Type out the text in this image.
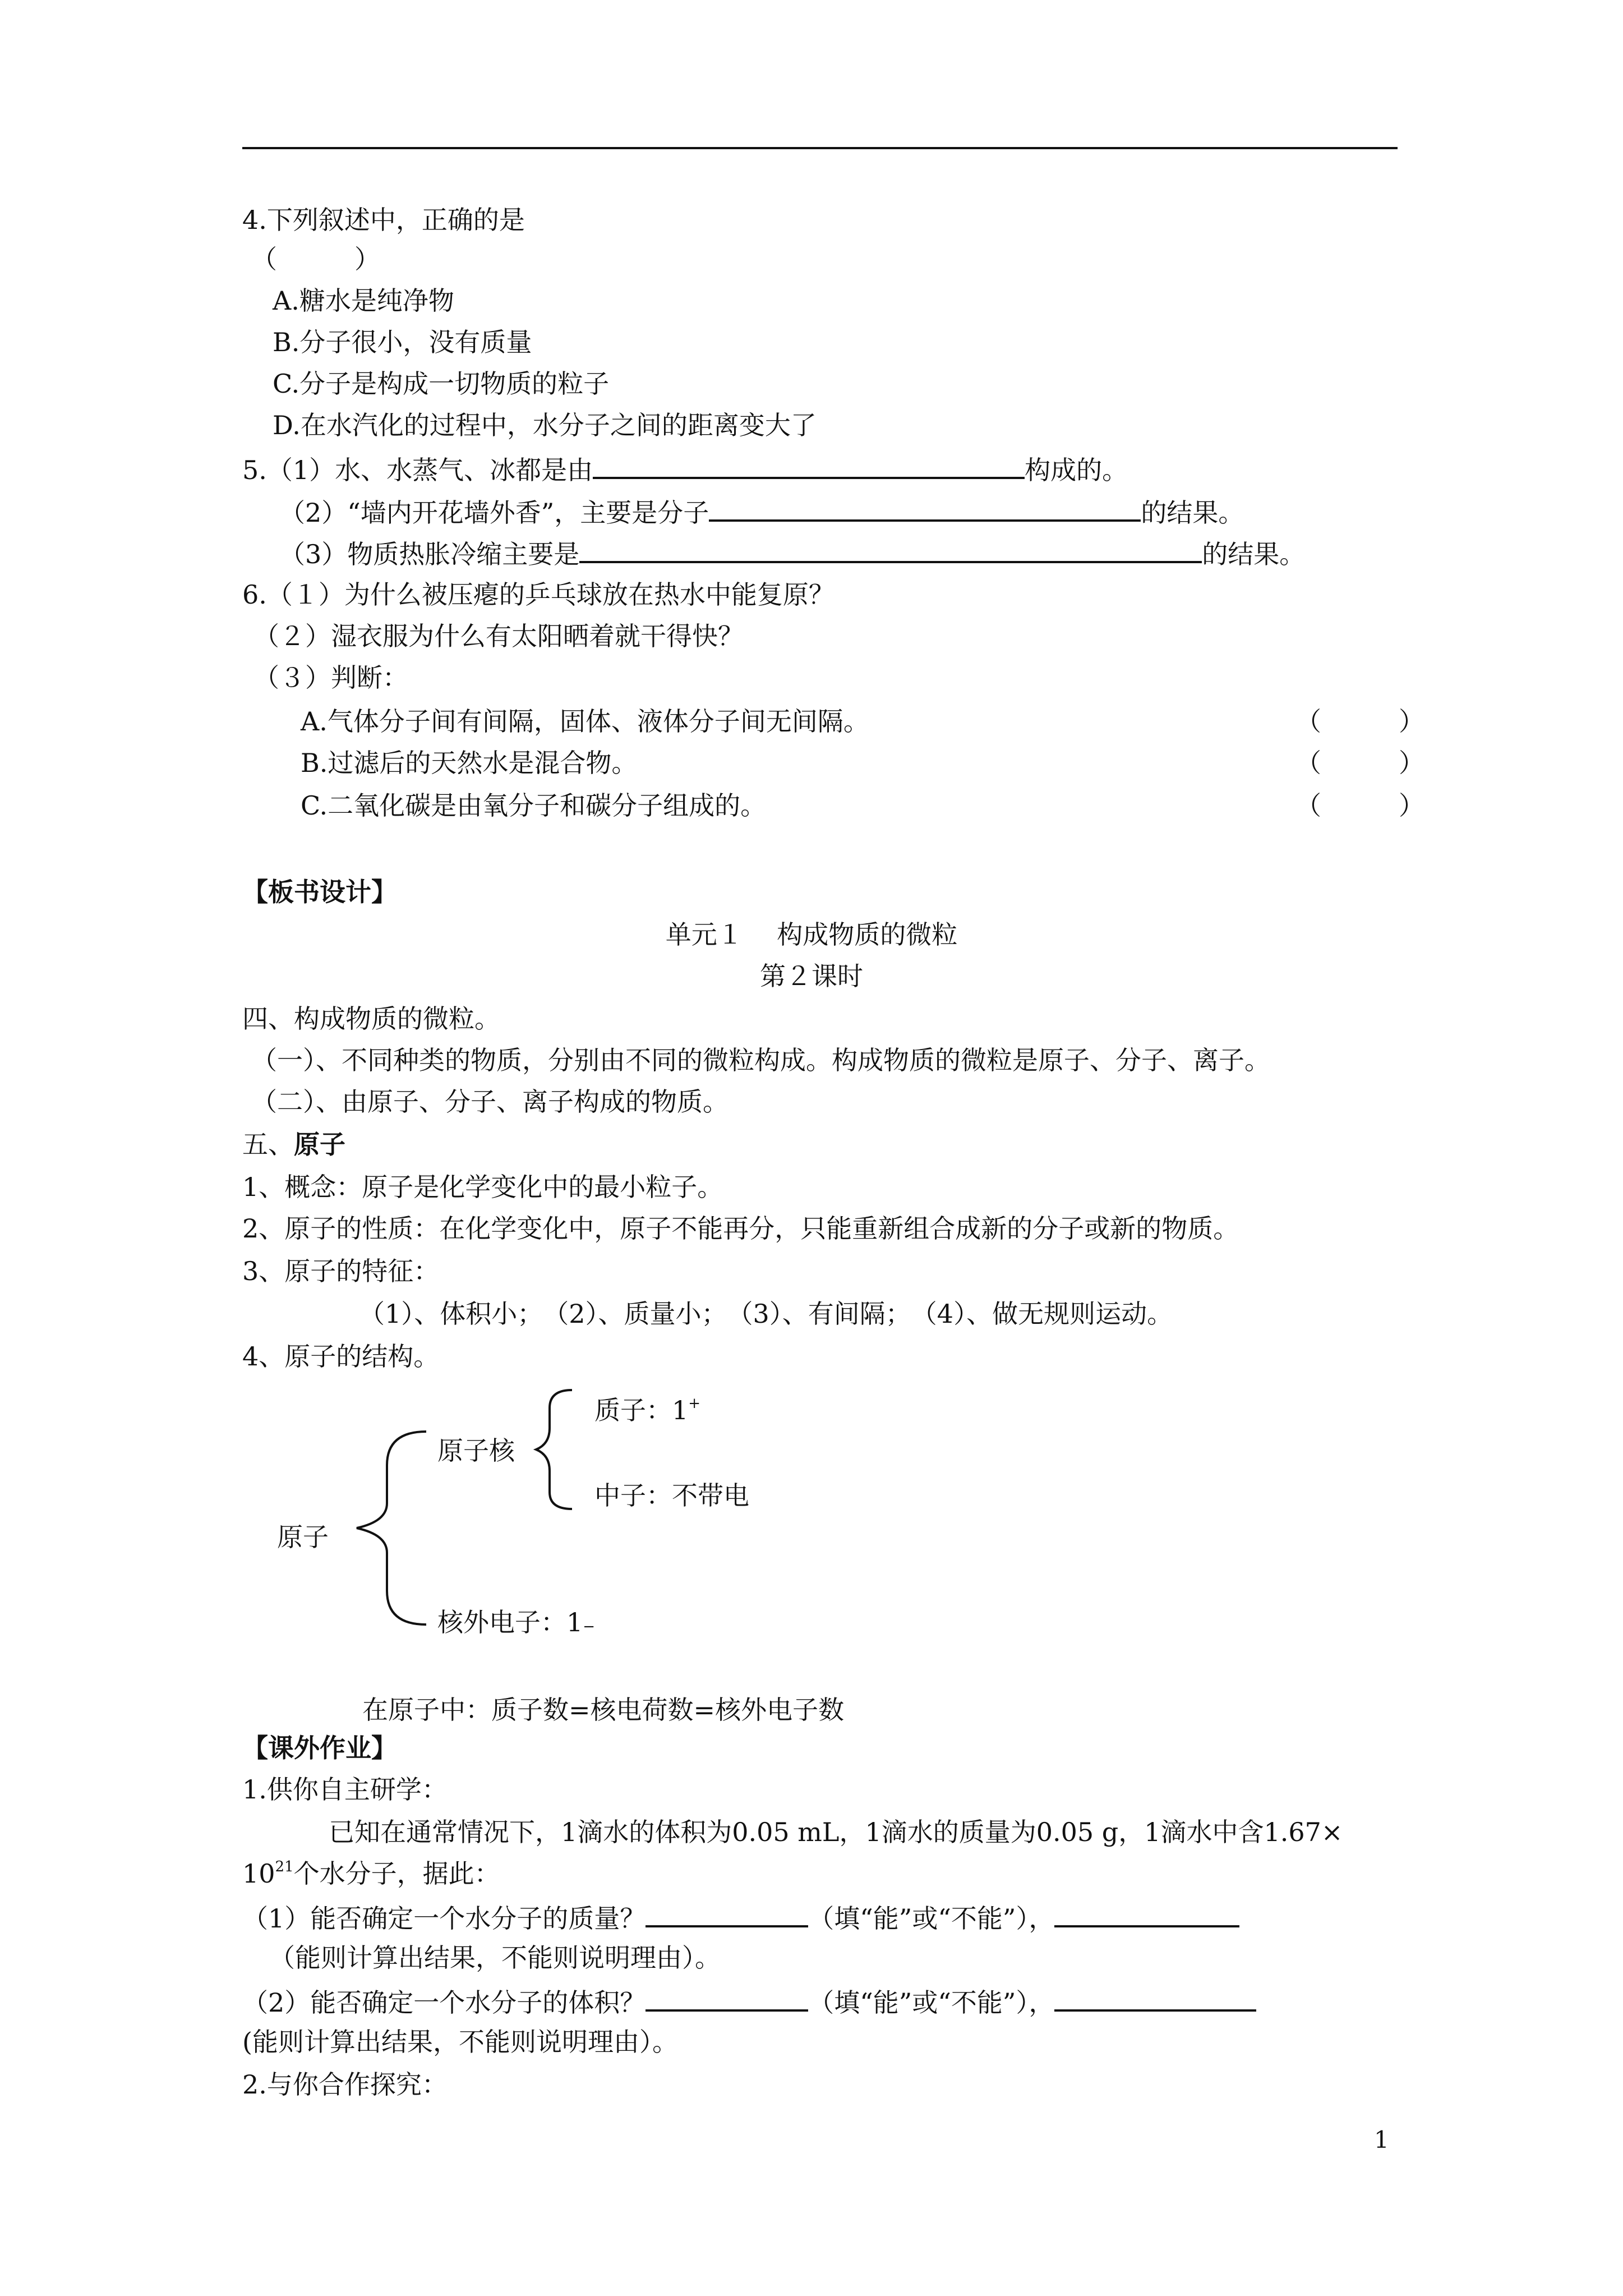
4.下列叙述中，正确的是
（　　　）
A.糖水是纯净物
B.分子很小，没有质量
C.分子是构成一切物质的粒子
D.在水汽化的过程中，水分子之间的距离变大了
5.（1）水、水蒸气、冰都是由	构成的。
（2）“墙内开花墙外香”，主要是分子	的结果。
（3）物质热胀冷缩主要是	的结果。
6.（１）为什么被压瘪的乒乓球放在热水中能复原？
（２）湿衣服为什么有太阳晒着就干得快？
（３）判断：
A.气体分子间有间隔，固体、液体分子间无间隔。	（　　　）
B.过滤后的天然水是混合物。	（　　　）
C.二氧化碳是由氧分子和碳分子组成的。	（　　　）
【板书设计】
单元１　 构成物质的微粒
第２课时
四、构成物质的微粒。
（一）、不同种类的物质，分别由不同的微粒构成。构成物质的微粒是原子、分子、离子。
（二）、由原子、分子、离子构成的物质。
五、原子
1、概念：原子是化学变化中的最小粒子。
2、原子的性质：在化学变化中，原子不能再分，只能重新组合成新的分子或新的物质。
3、原子的特征：
（1）、体积小；　（2）、质量小；　（3）、有间隔；　（4）、做无规则运动。
4、原子的结构。
原子核
质子：1+
中子：不带电
原子
核外电子：1−
在原子中：质子数=核电荷数=核外电子数
【课外作业】
1.供你自主研学：
已知在通常情况下，1滴水的体积为0.05 mL，1滴水的质量为0.05 g，1滴水中含1.67×
$10^{21}$个水分子，据此：
（1）能否确定一个水分子的质量？	（填“能”或“不能”），
（能则计算出结果，不能则说明理由）。
（2）能否确定一个水分子的体积？	（填“能”或“不能”），
(能则计算出结果，不能则说明理由）。
2.与你合作探究：
1
